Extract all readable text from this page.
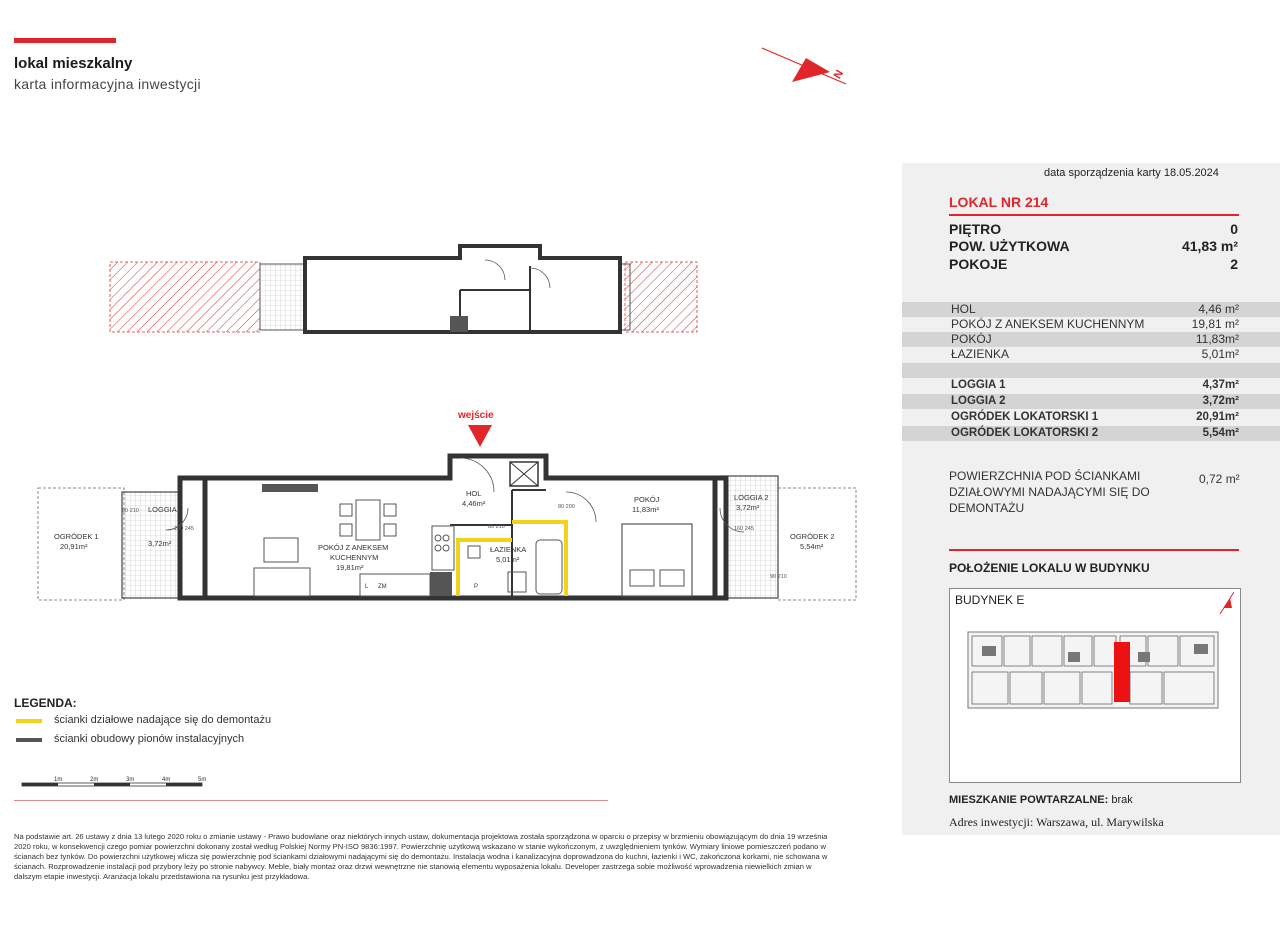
lokal mieszkalny
karta informacyjna inwestycji
N
wejście
OGRÓDEK 1
20,91m²
LOGGIA 1
3,72m²	POKÓJ Z ANEKSEM
KUCHENNYM
19,81m²
HOL
4,46m²
ŁAZIENKA
5,01m²
POKÓJ
11,83m²
LOGGIA 2
3,72m²
OGRÓDEK 2
5,54m²
90 210
200 245
80 200
160 245
80 210
90 210
L ZM	P
LEGENDA:
ścianki działowe nadające się do demontażu
ścianki obudowy pionów instalacyjnych
1m	2m	3m	4m	5m
Na podstawie art. 26 ustawy z dnia 13 lutego 2020 roku o zmianie ustawy - Prawo budowlane oraz niektórych innych ustaw, dokumentacja projektowa została sporządzona w oparciu o przepisy w brzmieniu obowiązującym do dnia 19 września 2020 roku, w konsekwencji czego pomiar powierzchni dokonany został według Polskiej Normy PN-ISO 9836:1997. Powierzchnię użytkową wskazano w stanie wykończonym, z uwzględnieniem tynków. Wymiary liniowe pomieszczeń podano w ścianach bez tynków. Do powierzchni użytkowej wlicza się powierzchnię pod ściankami działowymi nadającymi się do demontażu. Instalacja wodna i kanalizacyjna doprowadzona do kuchni, łazienki i WC, zakończona korkami, nie schowana w ścianach. Rozprowadzenie instalacji pod przybory leży po stronie nabywcy. Meble, biały montaż oraz drzwi wewnętrzne nie stanowią elementu wyposażenia lokalu. Developer zastrzega sobie możliwość wprowadzenia niewielkich zmian w dalszym etapie inwestycji. Aranżacja lokalu przedstawiona na rysunku jest przykładowa.
data sporządzenia karty 18.05.2024
LOKAL NR 214
PIĘTRO	0
POW. UŻYTKOWA	41,83 m²
POKOJE	2
HOL	4,46 m²
POKÓJ Z ANEKSEM KUCHENNYM	19,81 m²
POKÓJ	11,83m²
ŁAZIENKA	5,01m²
LOGGIA 1	4,37m²
LOGGIA 2	3,72m²
OGRÓDEK LOKATORSKI 1	20,91m²
OGRÓDEK LOKATORSKI 2	5,54m²
POWIERZCHNIA POD ŚCIANKAMI DZIAŁOWYMI NADAJĄCYMI SIĘ DO DEMONTAŻU
0,72 m²
POŁOŻENIE LOKALU W BUDYNKU
BUDYNEK E
MIESZKANIE POWTARZALNE: brak
Adres inwestycji: Warszawa, ul. Marywilska
